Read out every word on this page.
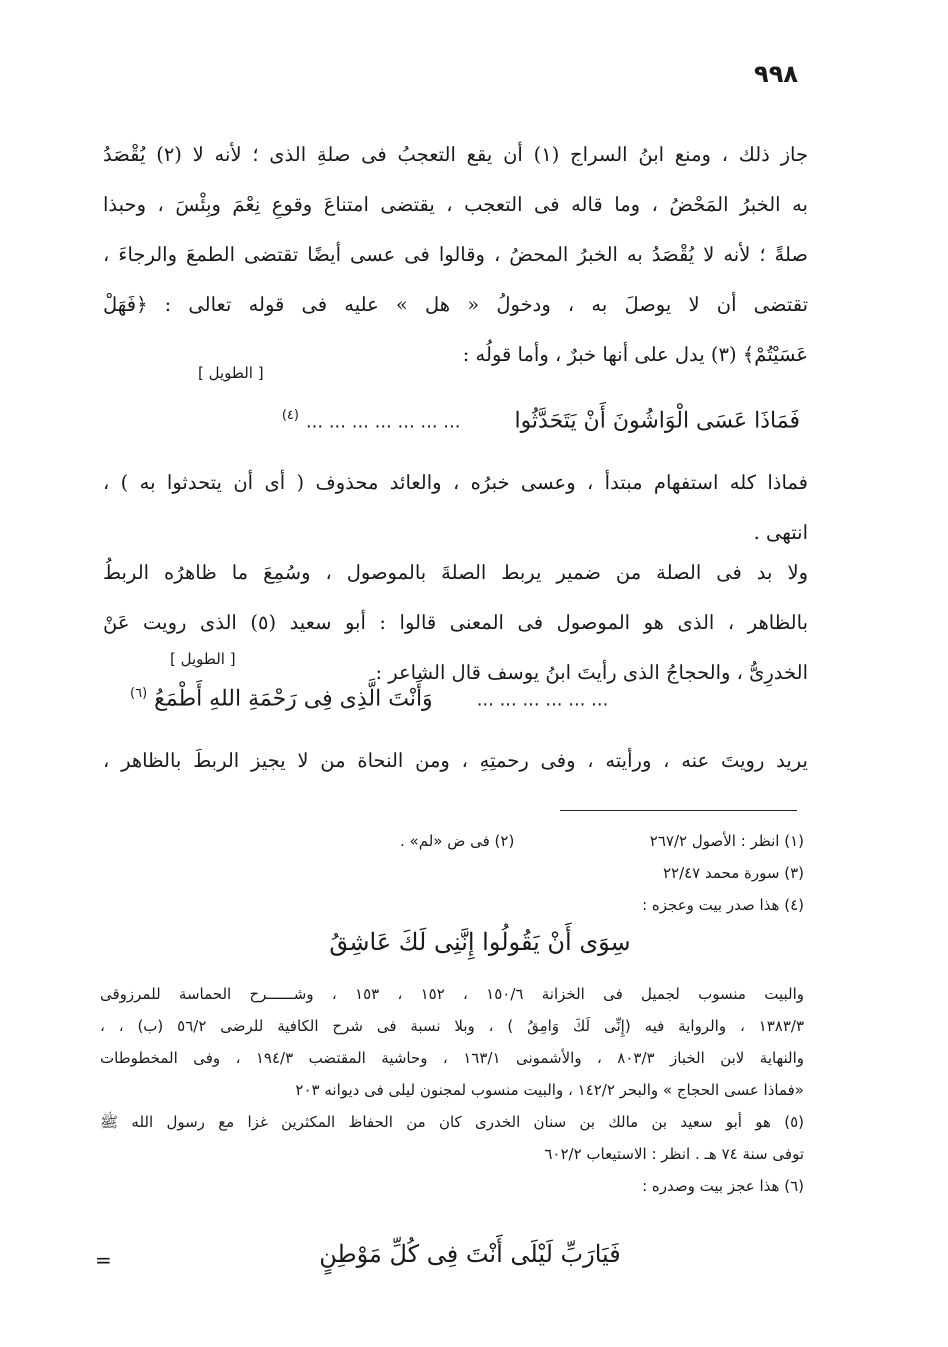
٩٩٨
جاز ذلك ، ومنع ابنُ السراج (١) أن يقع التعجبُ فى صلةِ الذى ؛ لأنه لا (٢) يُقْصَدُ
به الخبرُ المَحْضُ ، وما قاله فى التعجب ، يقتضى امتناعَ وقوعِ نِعْمَ وبِئْسَ ، وحبذا
صلةً ؛ لأنه لا يُقْصَدُ به الخبرُ المحضُ ، وقالوا فى عسى أيضًا تقتضى الطمعَ والرجاءَ ،
تقتضى أن لا يوصلَ به ، ودخولُ « هل » عليه فى قوله تعالى : ﴿فَهَلْ
عَسَيْتُمْ﴾ (٣) يدل على أنها خبرٌ ، وأما قولُه :
[ الطويل ]
فَمَاذَا عَسَى الْوَاشُونَ أَنْ يَتَحَدَّثُوا  ... ... ... ... ... ... ... $^{(٤)}$
فماذا كله استفهام مبتدأ ، وعسى خبرُه ، والعائد محذوف ( أى أن يتحدثوا به ) ،
انتهى .
ولا بد فى الصلة من ضمير يربط الصلةَ بالموصول ، وسُمِعَ ما ظاهرُه الربطُ
بالظاهر ، الذى هو الموصول فى المعنى قالوا : أبو سعيد (٥) الذى رويت عَنْ
الخدرِىُّ ، والحجاجُ الذى رأيتَ ابنُ يوسف قال الشاعر :
[ الطويل ]
... ... ... ... ... ...  وَأَنْتَ الَّذِى فِى رَحْمَةِ اللهِ أَطْمَعُ $^{(٦)}$
يريد رويتَ عنه ، ورأيته ، وفى رحمتِهِ ، ومن النحاة من لا يجيز الربطَ بالظاهر ،
(١) انظر : الأصول ٢٦٧/٢
(٢) فى ض «لم» .
(٣) سورة محمد ٢٢/٤٧
(٤) هذا صدر بيت وعجزه :
سِوَى أَنْ يَقُولُوا إِنَّنِى لَكَ عَاشِقُ
والبيت منسوب لجميل فى الخزانة ١٥٠/٦ ، ١٥٢ ، ١٥٣ ، وشــــــرح الحماسة للمرزوقى
١٣٨٣/٣ ، والرواية فيه (إِنِّى لَكَ وَامِقُ ) ، وبلا نسبة فى شرح الكافية للرضى ٥٦/٢ (ب) ، ،
والنهاية لابن الخباز ٨٠٣/٣ ، والأشمونى ١٦٣/١ ، وحاشية المقتضب ١٩٤/٣ ، وفى المخطوطات
«فماذا عسى الحجاج » والبحر ١٤٢/٢ ، والبيت منسوب لمجنون ليلى فى ديوانه ٢٠٣
(٥) هو أبو سعيد بن مالك بن سنان الخدرى كان من الحفاظ المكثرين غزا مع رسول الله ﷺ
توفى سنة ٧٤ هـ . انظر : الاستيعاب ٦٠٢/٢
(٦) هذا عجز بيت وصدره :
فَيَارَبِّ لَيْلَى أَنْتَ فِى كُلِّ مَوْطِنٍ
=
